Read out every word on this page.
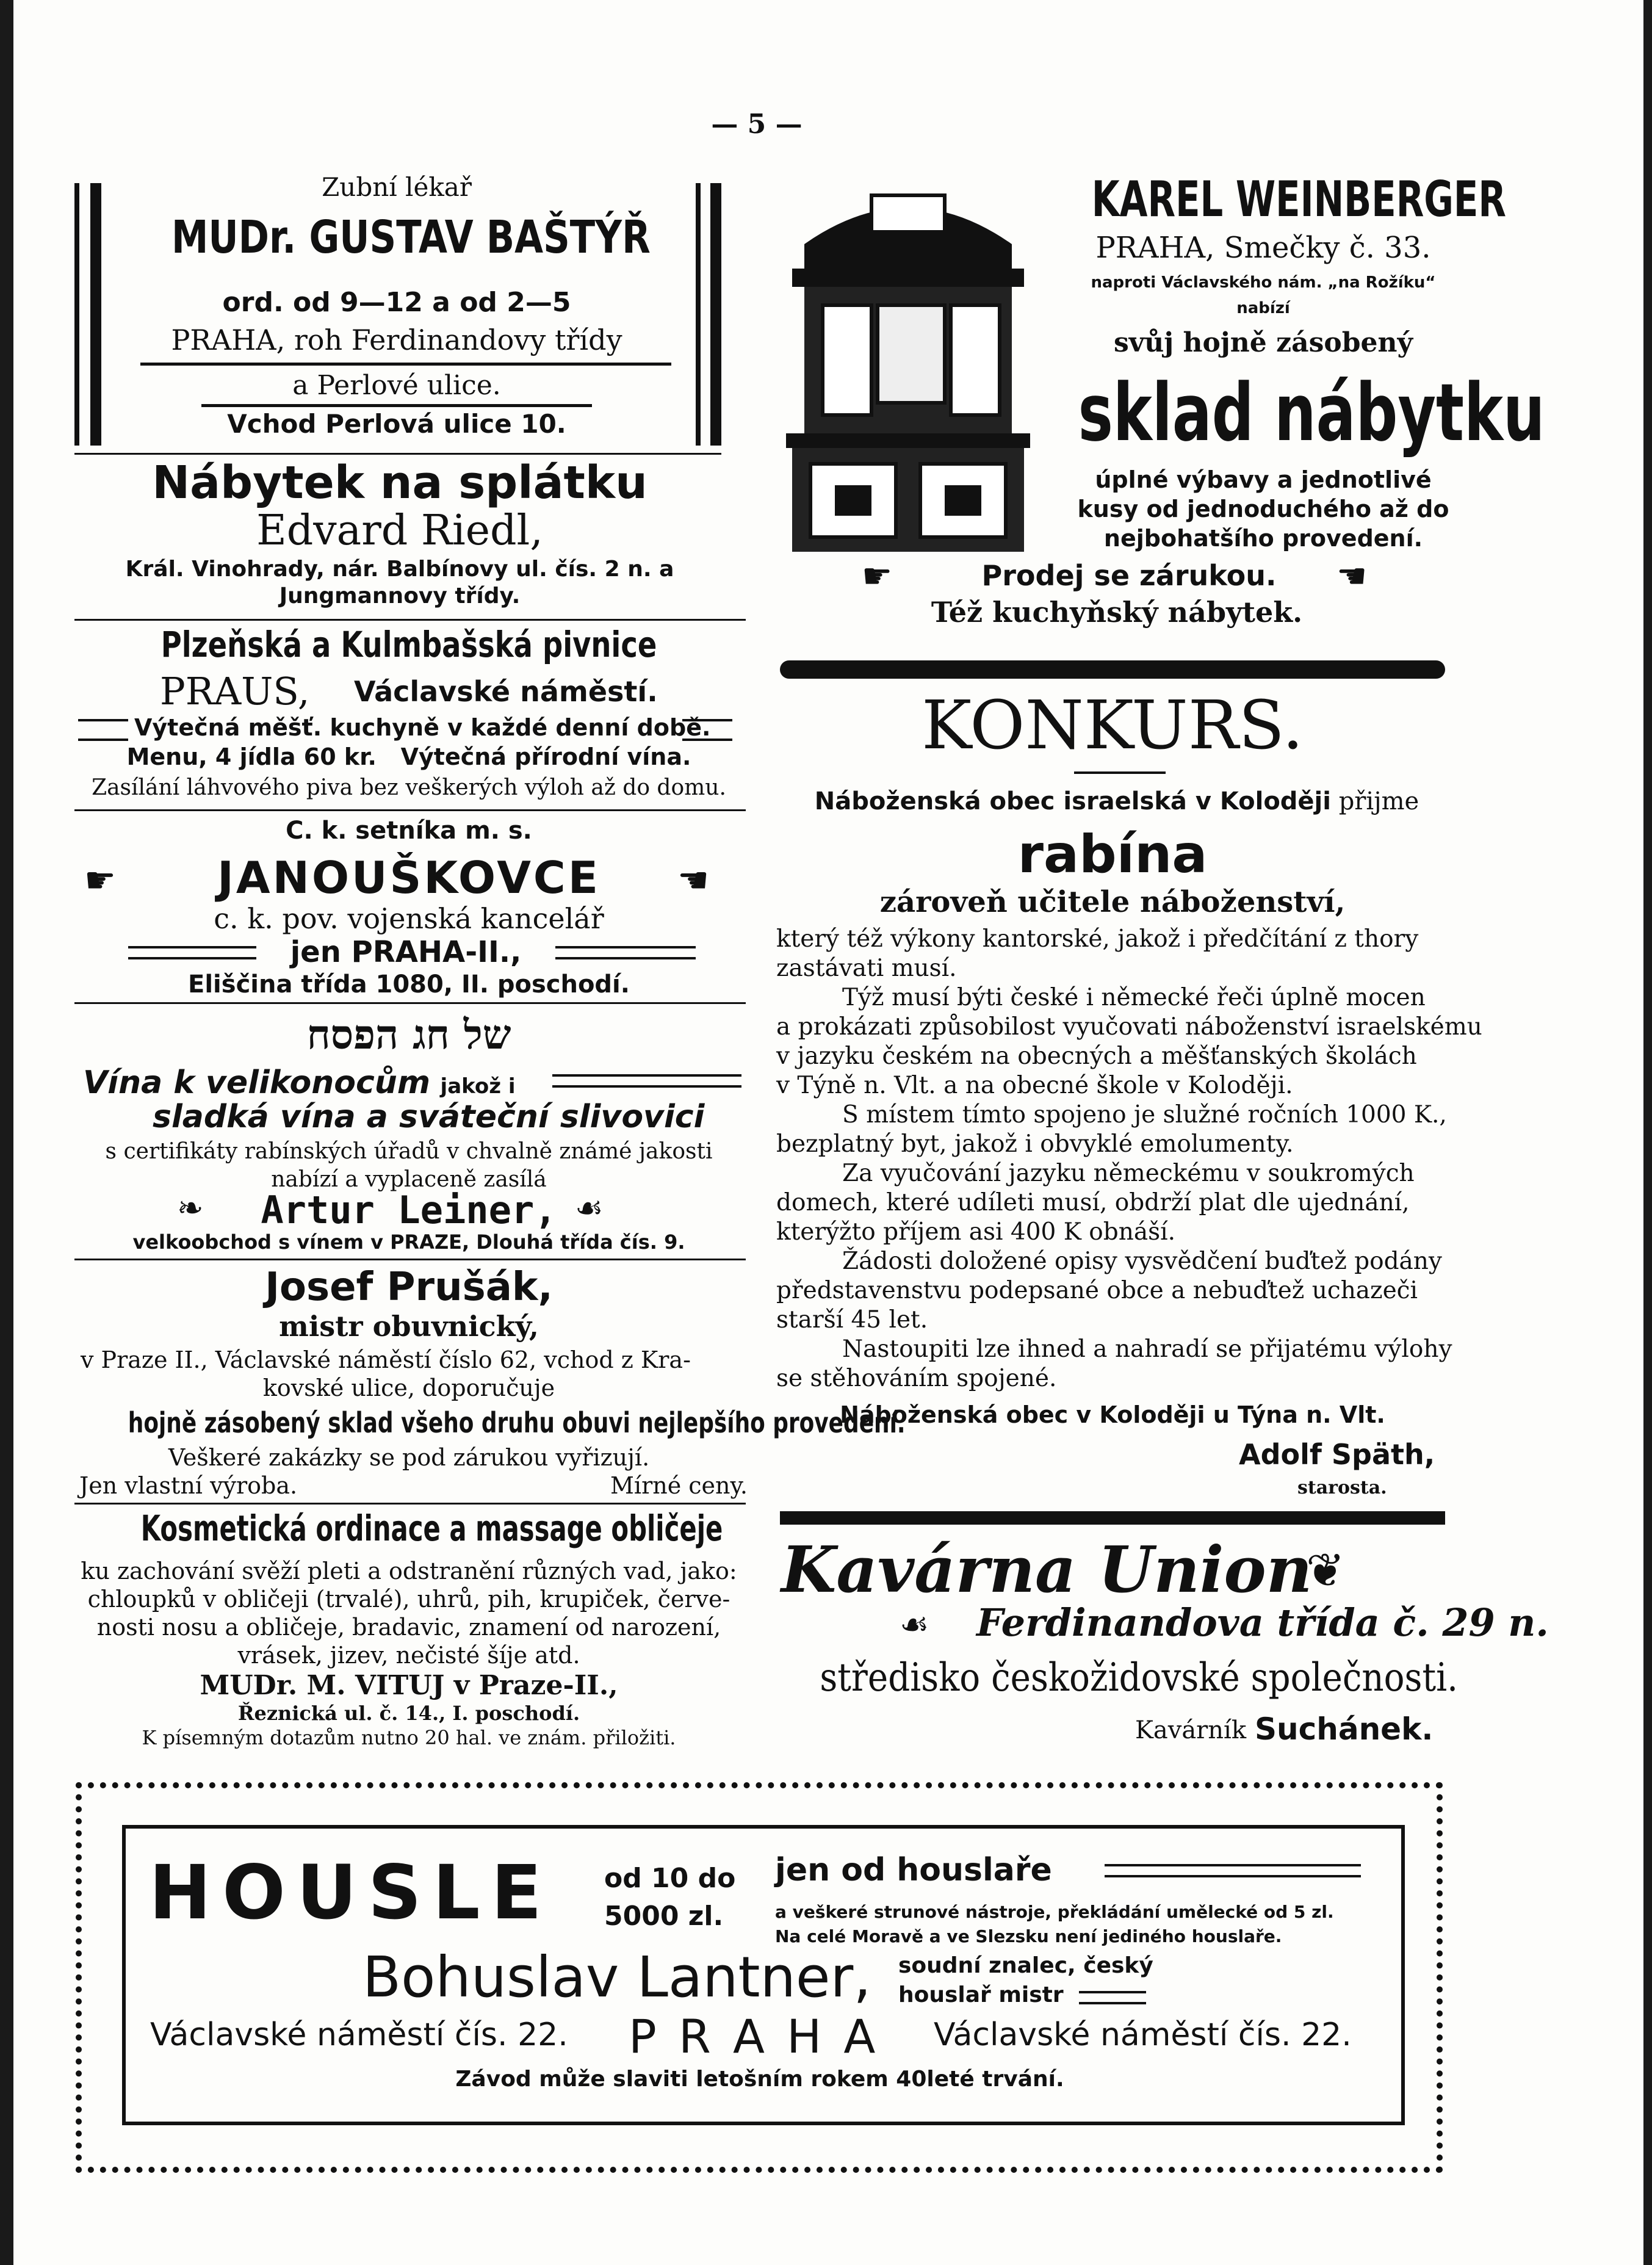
— 5 —
Zubní lékař
MUDr. GUSTAV BAŠTÝŘ
ord. od 9—12 a od 2—5
PRAHA, roh Ferdinandovy třídy
a Perlové ulice.
Vchod Perlová ulice 10.
Nábytek na splátku
Edvard Riedl,
Král. Vinohrady, nár. Balbínovy ul. čís. 2 n. a
Jungmannovy třídy.
Plzeňská a Kulmbašská pivnice
PRAUS, Václavské náměstí.
Výtečná měšť. kuchyně v každé denní době.
Menu, 4 jídla 60 kr. Výtečná přírodní vína.
Zasílání láhvového piva bez veškerých výloh až do domu.
C. k. setníka m. s.
☛	JANOUŠKOVCE	☚
c. k. pov. vojenská kancelář
jen PRAHA-II.,
Eliščina třída 1080, II. poschodí.
של חג הפסח
Vína k velikonocům jakož i
sladká vína a sváteční slivovici
s certifikáty rabínských úřadů v chvalně známé jakosti
nabízí a vyplaceně zasílá
❧	Artur Leiner, ☙
velkoobchod s vínem v PRAZE, Dlouhá třída čís. 9.
Josef Prušák,
mistr obuvnický,
v Praze II., Václavské náměstí číslo 62, vchod z Kra-
kovské ulice, doporučuje
hojně zásobený sklad všeho druhu obuvi nejlepšího provedení.
Veškeré zakázky se pod zárukou vyřizují.
Jen vlastní výroba.	Mírné ceny.
Kosmetická ordinace a massage obličeje
ku zachování svěží pleti a odstranění různých vad, jako:
chloupků v obličeji (trvalé), uhrů, pih, krupiček, červe-
nosti nosu a obličeje, bradavic, znamení od narození,
vrásek, jizev, nečisté šíje atd.
MUDr. M. VITUJ v Praze-II.,
Řeznická ul. č. 14., I. poschodí.
K písemným dotazům nutno 20 hal. ve znám. přiložiti.
KAREL WEINBERGER
PRAHA, Smečky č. 33.
naproti Václavského nám. „na Rožíku“
nabízí
svůj hojně zásobený
sklad nábytku
úplné výbavy a jednotlivé
kusy od jednoduchého až do
nejbohatšího provedení.
☛	Prodej se zárukou.	☚
Též kuchyňský nábytek.
KONKURS.
Náboženská obec israelská v Koloději přijme
rabína
zároveň učitele náboženství,
který též výkony kantorské, jakož i předčítání z thory
zastávati musí.
Týž musí býti české i německé řeči úplně mocen
a prokázati způsobilost vyučovati náboženství israelskému
v jazyku českém na obecných a měšťanských školách
v Týně n. Vlt. a na obecné škole v Koloději.
S místem tímto spojeno je služné ročních 1000 K.,
bezplatný byt, jakož i obvyklé emolumenty.
Za vyučování jazyku německému v soukromých
domech, které udíleti musí, obdrží plat dle ujednání,
kterýžto příjem asi 400 K obnáší.
Žádosti doložené opisy vysvědčení buďtež podány
představenstvu podepsané obce a nebuďtež uchazeči
starší 45 let.
Nastoupiti lze ihned a nahradí se přijatému výlohy
se stěhováním spojené.
Náboženská obec v Koloději u Týna n. Vlt.
Adolf Späth,
starosta.
Kavárna Union
❦
☙ Ferdinandova třída č. 29 n.
středisko českožidovské společnosti.
Kavárník Suchánek.
HOUSLE od 10 do
5000 zl.
jen od houslaře
a veškeré strunové nástroje, překládání umělecké od 5 zl.
Na celé Moravě a ve Slezsku není jediného houslaře.
Bohuslav Lantner, soudní znalec, český
houslař mistr
Václavské náměstí čís. 22. P R A H A Václavské náměstí čís. 22.
Závod může slaviti letošním rokem 40leté trvání.
